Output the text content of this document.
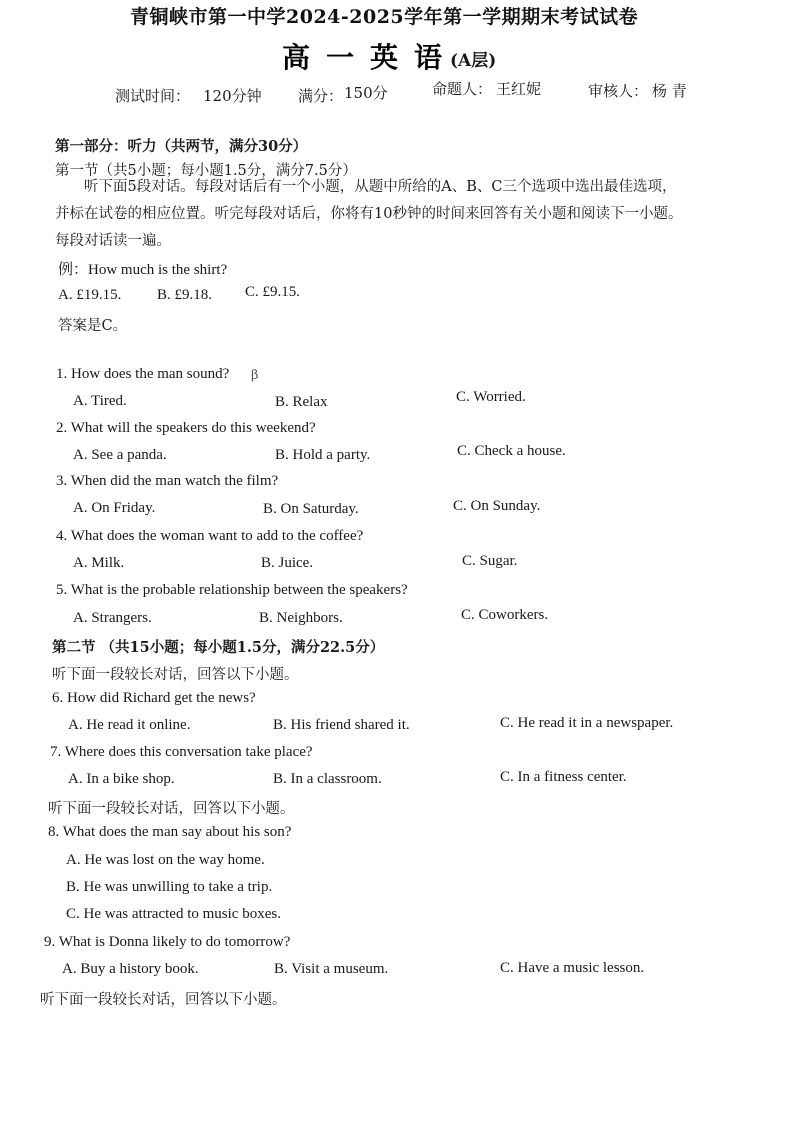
青铜峡市第一中学2024-2025学年第一学期期末考试试卷
高一英语
(A层)
测试时间： 120分钟 满分： 150分	命题人： 王红妮	审核人： 杨 青
第一部分：听力（共两节，满分30分）
第一节（共5小题；每小题1.5分，满分7.5分）
听下面5段对话。每段对话后有一个小题，从题中所给的A、B、C三个选项中选出最佳选项，
并标在试卷的相应位置。听完每段对话后，你将有10秒钟的时间来回答有关小题和阅读下一小题。
每段对话读一遍。
例：How much is the shirt?
A. £19.15. B. £9.18. C. £9.15.
答案是C。
1. How does the man sound? β
A. Tired.	B. Relax	C. Worried.
2. What will the speakers do this weekend?
A. See a panda.	B. Hold a party.	C. Check a house.
3. When did the man watch the film?
A. On Friday.	B. On Saturday.	C. On Sunday.
4. What does the woman want to add to the coffee?
A. Milk.	B. Juice.	C. Sugar.
5. What is the probable relationship between the speakers?
A. Strangers.	B. Neighbors.	C. Coworkers.
第二节 （共15小题；每小题1.5分，满分22.5分）
听下面一段较长对话，回答以下小题。
6. How did Richard get the news?
A. He read it online.	B. His friend shared it.	C. He read it in a newspaper.
7. Where does this conversation take place?
A. In a bike shop.	B. In a classroom.	C. In a fitness center.
听下面一段较长对话，回答以下小题。
8. What does the man say about his son?
A. He was lost on the way home.
B. He was unwilling to take a trip.
C. He was attracted to music boxes.
9. What is Donna likely to do tomorrow?
A. Buy a history book.	B. Visit a museum.	C. Have a music lesson.
听下面一段较长对话，回答以下小题。
